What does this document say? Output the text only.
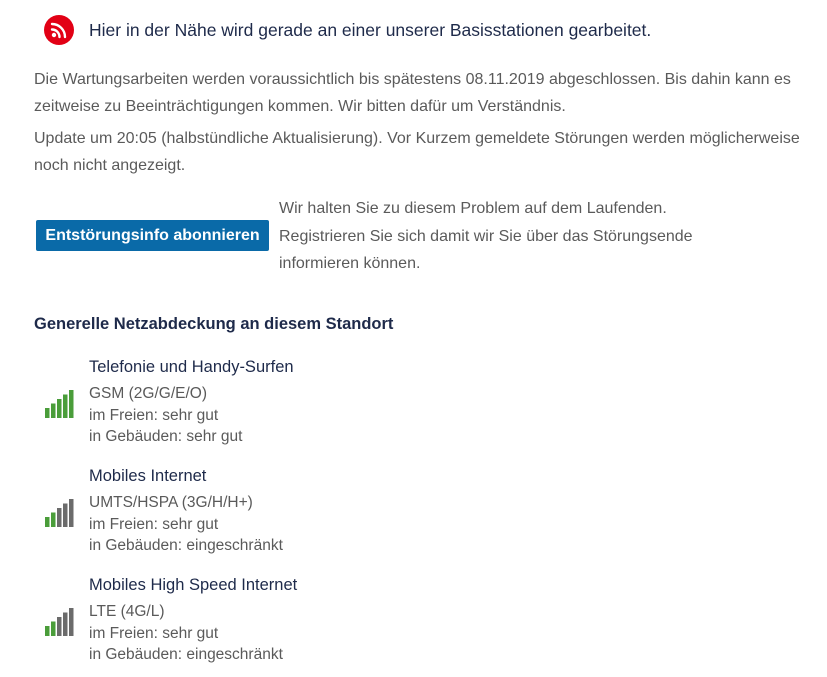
Hier in der Nähe wird gerade an einer unserer Basisstationen gearbeitet.
Die Wartungsarbeiten werden voraussichtlich bis spätestens 08.11.2019 abgeschlossen. Bis dahin kann es zeitweise zu Beeinträchtigungen kommen. Wir bitten dafür um Verständnis.
Update um 20:05 (halbstündliche Aktualisierung). Vor Kurzem gemeldete Störungen werden möglicherweise noch nicht angezeigt.
Entstörungsinfo abonnieren
Wir halten Sie zu diesem Problem auf dem Laufenden. Registrieren Sie sich damit wir Sie über das Störungsende informieren können.
Generelle Netzabdeckung an diesem Standort
Telefonie und Handy-Surfen
GSM (2G/G/E/O)
im Freien: sehr gut
in Gebäuden: sehr gut
Mobiles Internet
UMTS/HSPA (3G/H/H+)
im Freien: sehr gut
in Gebäuden: eingeschränkt
Mobiles High Speed Internet
LTE (4G/L)
im Freien: sehr gut
in Gebäuden: eingeschränkt
